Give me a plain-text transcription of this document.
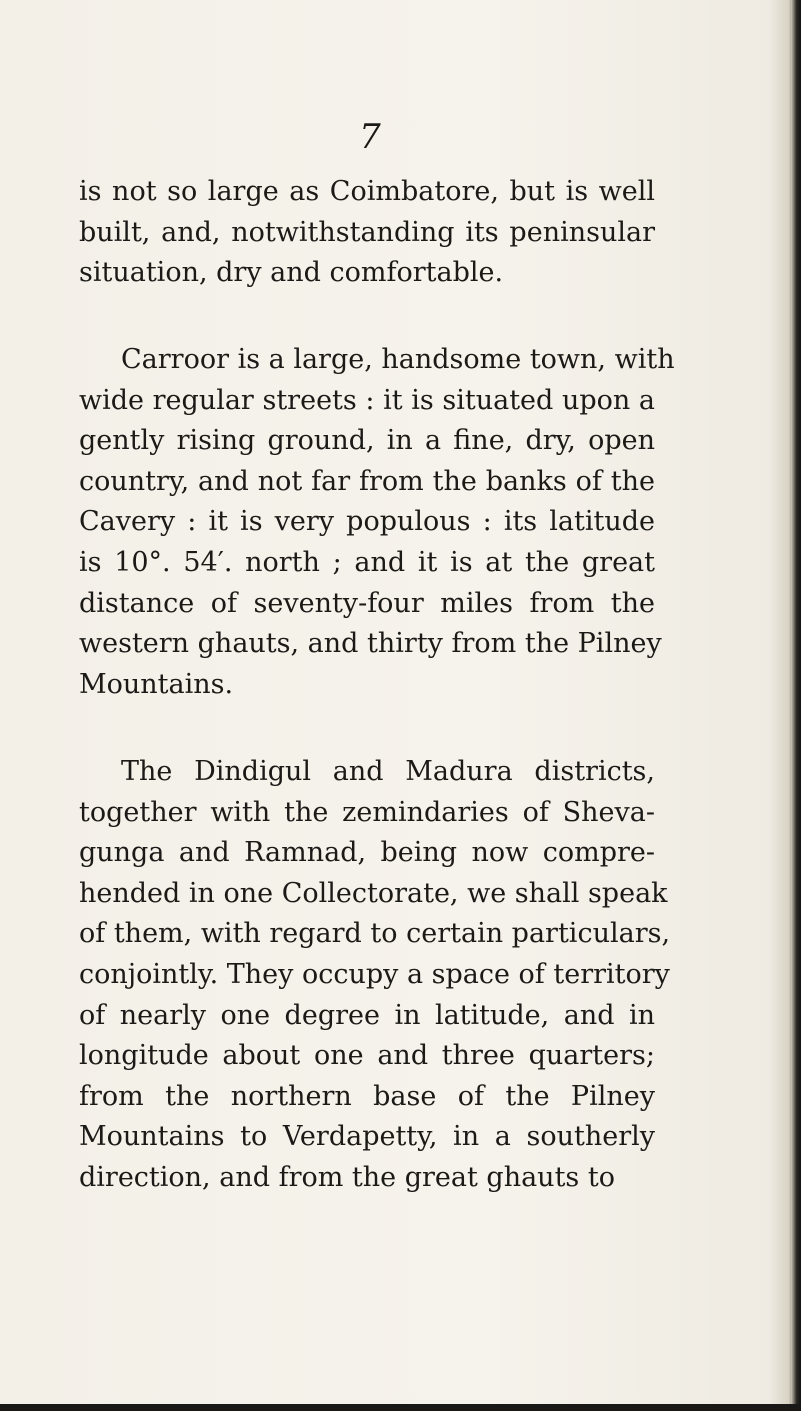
7
is not so large as Coimbatore, but is well
built, and, notwithstanding its peninsular
situation, dry and comfortable.
Carroor is a large, handsome town, with
wide regular streets : it is situated upon a
gently rising ground, in a fine, dry, open
country, and not far from the banks of the
Cavery : it is very populous : its latitude
is 10°. 54′. north ; and it is at the great
distance of seventy-four miles from the
western ghauts, and thirty from the Pilney
Mountains.
The Dindigul and Madura districts,
together with the zemindaries of Sheva-
gunga and Ramnad, being now compre-
hended in one Collectorate, we shall speak
of them, with regard to certain particulars,
conjointly. They occupy a space of territory
of nearly one degree in latitude, and in
longitude about one and three quarters;
from the northern base of the Pilney
Mountains to Verdapetty, in a southerly
direction, and from the great ghauts to
